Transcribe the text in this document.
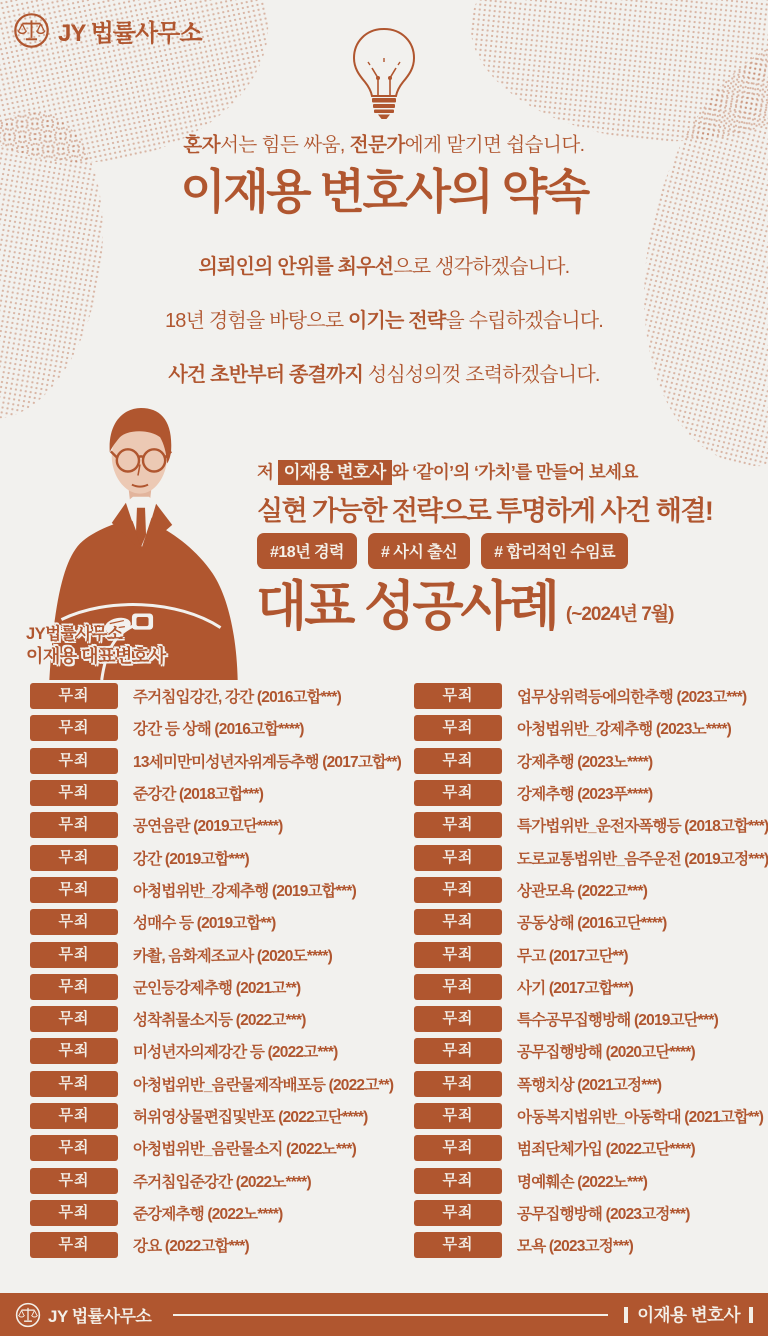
JY 법률사무소
혼자서는 힘든 싸움, 전문가에게 맡기면 쉽습니다.
이재용 변호사의 약속

의뢰인의 안위를 최우선으로 생각하겠습니다.

18년 경험을 바탕으로 이기는 전략을 수립하겠습니다.

사건 초반부터 종결까지 성심성의껏 조력하겠습니다.

JY법률사무소
이재용 대표변호사
저 이재용 변호사 와 ‘같이’의 ‘가치’를 만들어 보세요
실현 가능한 전략으로 투명하게 사건 해결!
#18년 경력	# 사시 출신	# 합리적인 수임료
대표 성공사례 (~2024년 7월)
무죄	주거침입강간, 강간 (2016고합***)
무죄	강간 등 상해 (2016고합****)
무죄	13세미만미성년자위계등추행 (2017고합**)
무죄	준강간 (2018고합***)
무죄	공연음란 (2019고단****)
무죄	강간 (2019고합***)
무죄	아청법위반_강제추행 (2019고합***)
무죄	성매수 등 (2019고합**)
무죄	카촬, 음화제조교사 (2020도****)
무죄	군인등강제추행 (2021고**)
무죄	성착취물소지등 (2022고***)
무죄	미성년자의제강간 등 (2022고***)
무죄	아청법위반_음란물제작배포등 (2022고**)
무죄	허위영상물편집및반포 (2022고단****)
무죄	아청법위반_음란물소지 (2022노***)
무죄	주거침입준강간 (2022노****)
무죄	준강제추행 (2022노****)
무죄	강요 (2022고합***)
무죄	업무상위력등에의한추행 (2023고***)
무죄	아청법위반_강제추행 (2023노****)
무죄	강제추행 (2023노****)
무죄	강제추행 (2023푸****)
무죄	특가법위반_운전자폭행등 (2018고합***)
무죄	도로교통법위반_음주운전 (2019고정***)
무죄	상관모욕 (2022고***)
무죄	공동상해 (2016고단****)
무죄	무고 (2017고단**)
무죄	사기 (2017고합***)
무죄	특수공무집행방해 (2019고단***)
무죄	공무집행방해 (2020고단****)
무죄	폭행치상 (2021고정***)
무죄	아동복지법위반_아동학대 (2021고합**)
무죄	범죄단체가입 (2022고단****)
무죄	명예훼손 (2022노***)
무죄	공무집행방해 (2023고정***)
무죄	모욕 (2023고정***)
JY 법률사무소	이재용 변호사
